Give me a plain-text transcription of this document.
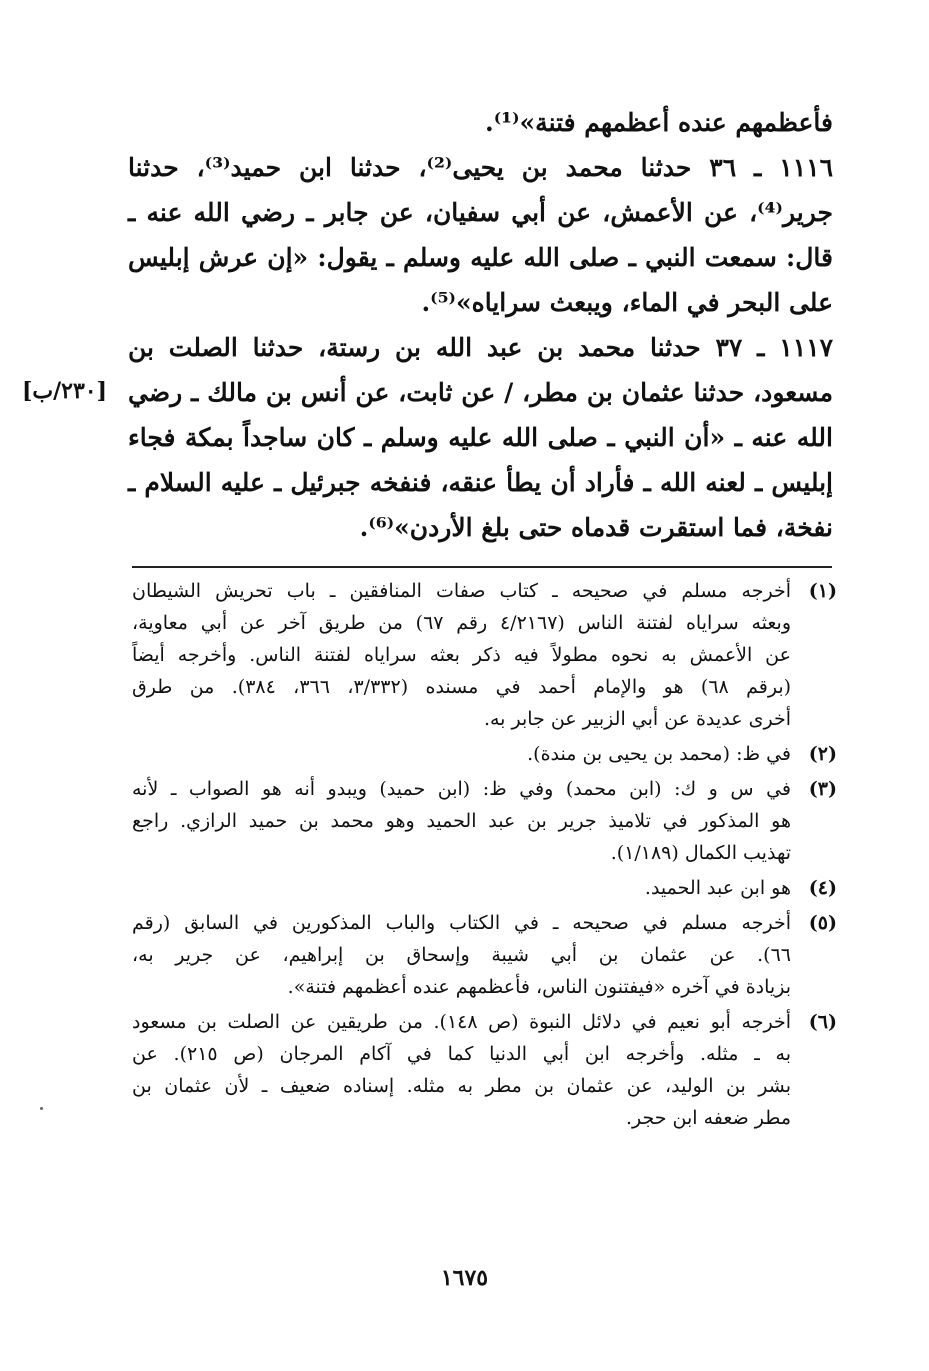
فأعظمهم عنده أعظمهم فتنة»⁽¹⁾.
١١١٦ ـ ٣٦ حدثنا محمد بن يحيى⁽²⁾، حدثنا ابن حميد⁽³⁾، حدثنا
جرير⁽⁴⁾، عن الأعمش، عن أبي سفيان، عن جابر ـ رضي الله عنه ـ
قال: سمعت النبي ـ صلى الله عليه وسلم ـ يقول: «إن عرش إبليس
على البحر في الماء، ويبعث سراياه»⁽⁵⁾.
١١١٧ ـ ٣٧ حدثنا محمد بن عبد الله بن رستة، حدثنا الصلت بن
مسعود، حدثنا عثمان بن مطر، / عن ثابت، عن أنس بن مالك ـ رضي
الله عنه ـ «أن النبي ـ صلى الله عليه وسلم ـ كان ساجداً بمكة فجاء
إبليس ـ لعنه الله ـ فأراد أن يطأ عنقه، فنفخه جبرئيل ـ عليه السلام ـ
نفخة، فما استقرت قدماه حتى بلغ الأردن»⁽⁶⁾.
[٢٣٠/ب]
(١)
أخرجه مسلم في صحيحه ـ كتاب صفات المنافقين ـ باب تحريش الشيطان
وبعثه سراياه لفتنة الناس (٤/٢١٦٧ رقم ٦٧) من طريق آخر عن أبي معاوية،
عن الأعمش به نحوه مطولاً فيه ذكر بعثه سراياه لفتنة الناس. وأخرجه أيضاً
(برقم ٦٨) هو والإمام أحمد في مسنده (٣/٣٣٢، ٣٦٦، ٣٨٤). من طرق
أخرى عديدة عن أبي الزبير عن جابر به.
(٢)
في ظ: (محمد بن يحيى بن مندة).
(٣)
في س و ك: (ابن محمد) وفي ظ: (ابن حميد) ويبدو أنه هو الصواب ـ لأنه
هو المذكور في تلاميذ جرير بن عبد الحميد وهو محمد بن حميد الرازي. راجع
تهذيب الكمال (١/١٨٩).
(٤)
هو ابن عبد الحميد.
(٥)
أخرجه مسلم في صحيحه ـ في الكتاب والباب المذكورين في السابق (رقم
٦٦). عن عثمان بن أبي شيبة وإسحاق بن إبراهيم، عن جرير به،
بزيادة في آخره «فيفتنون الناس، فأعظمهم عنده أعظمهم فتنة».
(٦)
أخرجه أبو نعيم في دلائل النبوة (ص ١٤٨). من طريقين عن الصلت بن مسعود
به ـ مثله. وأخرجه ابن أبي الدنيا كما في آكام المرجان (ص ٢١٥). عن
بشر بن الوليد، عن عثمان بن مطر به مثله. إسناده ضعيف ـ لأن عثمان بن
مطر ضعفه ابن حجر.
١٦٧٥
